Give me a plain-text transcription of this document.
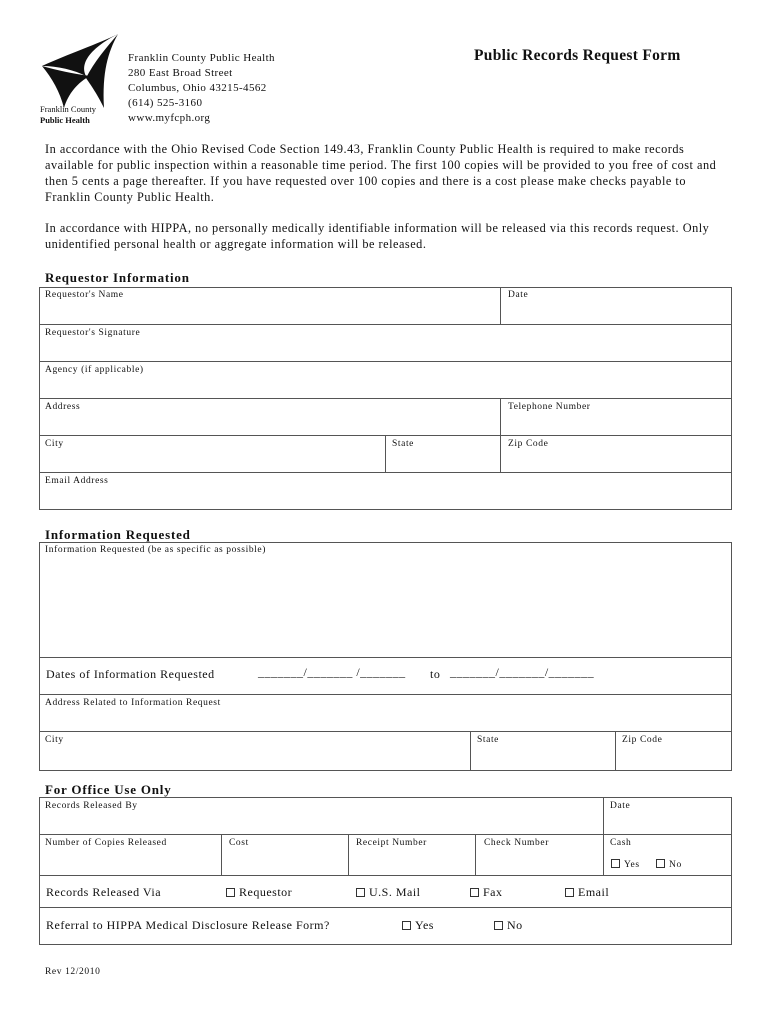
Franklin County
Public Health
Franklin County Public Health
280 East Broad Street
Columbus, Ohio 43215-4562
(614) 525-3160
www.myfcph.org
Public Records Request Form
In accordance with the Ohio Revised Code Section 149.43, Franklin County Public Health is required to make records available for public inspection within a reasonable time period. The first 100 copies will be provided to you free of cost and then 5 cents a page thereafter. If you have requested over 100 copies and there is a cost please make checks payable to Franklin County Public Health.
In accordance with HIPPA, no personally medically identifiable information will be released via this records request. Only unidentified personal health or aggregate information will be released.
Requestor Information
Requestor's Name	Date
Requestor's Signature
Agency (if applicable)
Address	Telephone Number
City	State	Zip Code
Email Address
Information Requested
Information Requested (be as specific as possible)
Dates of Information Requested	_______/_______ /_______ to _______/_______/_______
Address Related to Information Request
City	State	Zip Code
For Office Use Only
Records Released By	Date
Number of Copies Released	Cost	Receipt Number	Check Number	Cash
Yes	No
Records Released Via	Requestor	U.S. Mail	Fax	Email
Referral to HIPPA Medical Disclosure Release Form?	Yes	No
Rev 12/2010
